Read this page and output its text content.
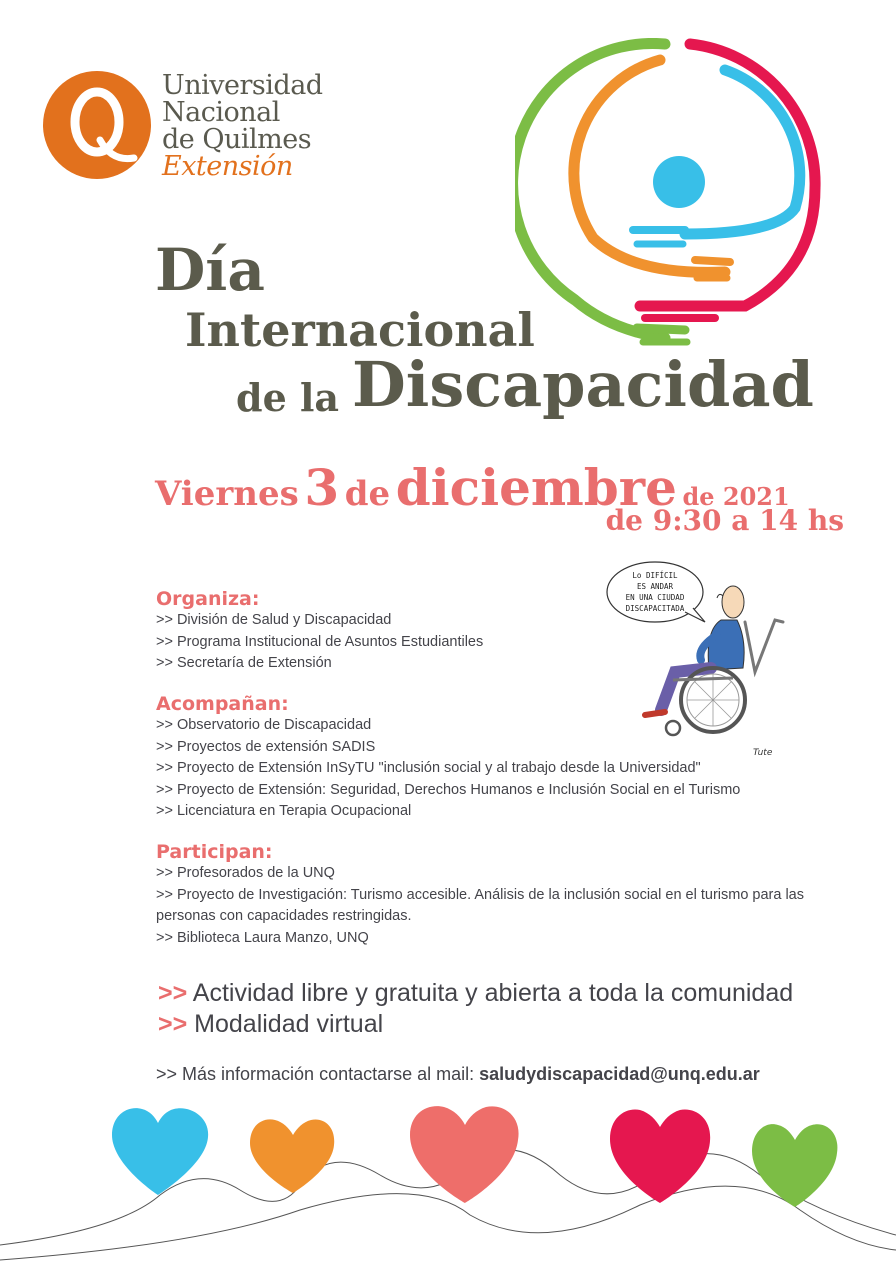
Universidad
Nacional
de Quilmes
Extensión
Día
Internacional
de la Discapacidad
Viernes 3 de diciembre de 2021
de 9:30 a 14 hs

Organiza:

>> División de Salud y Discapacidad

>> Programa Institucional de Asuntos Estudiantiles

>> Secretaría de Extensión

Acompañan:

>> Observatorio de Discapacidad

>> Proyectos de extensión SADIS

>> Proyecto de Extensión InSyTU "inclusión social y al trabajo desde la Universidad"

>> Proyecto de Extensión: Seguridad, Derechos Humanos e Inclusión Social en el Turismo

>> Licenciatura en Terapia Ocupacional

Participan:

>> Profesorados de la UNQ

>> Proyecto de Investigación: Turismo accesible. Análisis de la inclusión social en el turismo para las personas con capacidades restringidas.

>> Biblioteca Laura Manzo, UNQ

Lo DIFÍCIL
ES ANDAR
EN UNA CIUDAD
DISCAPACITADA
Tute
>> Actividad libre y gratuita y abierta a toda la comunidad
>> Modalidad virtual
>> Más información contactarse al mail: saludydiscapacidad@unq.edu.ar
